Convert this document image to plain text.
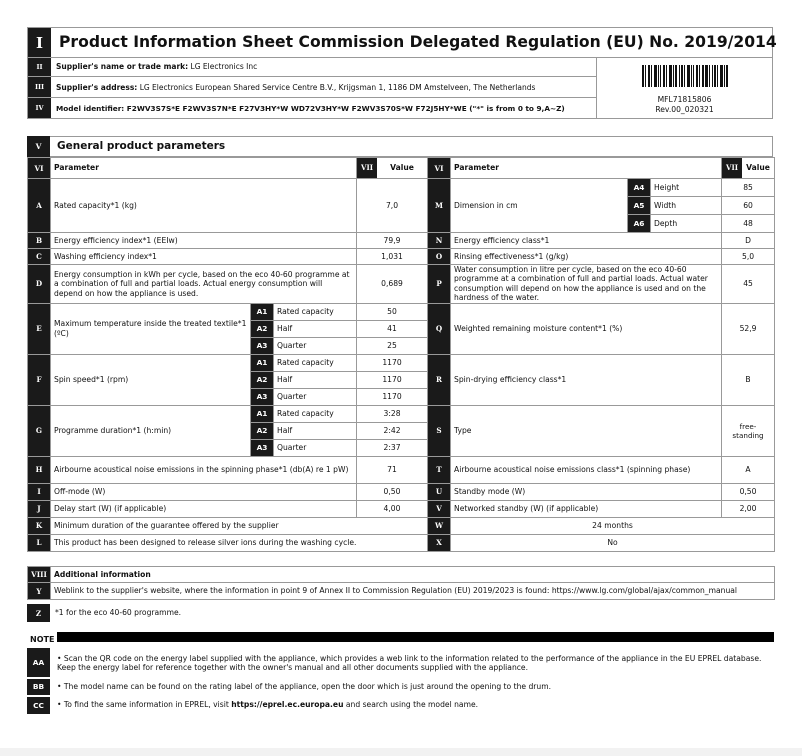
I	Product Information Sheet Commission Delegated Regulation (EU) No. 2019/2014
II	Supplier's name or trade mark: LG Electronics Inc
III	Supplier's address: LG Electronics European Shared Service Centre B.V., Krijgsman 1, 1186 DM Amstelveen, The Netherlands
IV	Model identifier: F2WV3S7S*E F2WV3S7N*E F27V3HY*W WD72V3HY*W F2WV3S70S*W F72J5HY*WE ("*" is from 0 to 9,A~Z)
MFL71815806
Rev.00_020321
V	General product parameters
VI	Parameter			VII Value	VI	Parameter			VII Value

A	Rated capacity*1 (kg)			7,0	M	Dimension in cm	A4	Height	85
							A5	Width	60
							A6	Depth	48
B	Energy efficiency index*1 (EEIw)			79,9	N	Energy efficiency class*1			D
C	Washing efficiency index*1			1,031	O	Rinsing effectiveness*1 (g/kg)			5,0
D	Energy consumption in kWh per cycle, based on the eco 40-60 programme at a combination of full and partial loads. Actual energy consumption will depend on how the appliance is used.			0,689	P	Water consumption in litre per cycle, based on the eco 40-60 programme at a combination of full and partial loads. Actual water consumption will depend on how the appliance is used and on the hardness of the water.			45
E	Maximum temperature inside the treated textile*1 (ºC)	A1	Rated capacity	50	Q	Weighted remaining moisture content*1 (%)			52,9
		A2	Half	41					
		A3	Quarter	25					
F	Spin speed*1 (rpm)	A1	Rated capacity	1170	R	Spin-drying efficiency class*1			B
		A2	Half	1170					
		A3	Quarter	1170					
G	Programme duration*1 (h:min)	A1	Rated capacity	3:28	S	Type			free-standing
		A2	Half	2:42					
		A3	Quarter	2:37					
H	Airbourne acoustical noise emissions in the spinning phase*1 (db(A) re 1 pW)			71	T	Airbourne acoustical noise emissions class*1 (spinning phase)			A
I	Off-mode (W)			0,50	U	Standby mode (W)			0,50
J	Delay start (W) (if applicable)			4,00	V	Networked standby (W) (if applicable)			2,00
K	Minimum duration of the guarantee offered by the supplier				W	24 months			
L	This product has been designed to release silver ions during the washing cycle.				X	No			
VIII	Additional information
Y	Weblink to the supplier's website, where the information in point 9 of Annex II to Commission Regulation (EU) 2019/2023 is found: https://www.lg.com/global/ajax/common_manual
Z	*1 for the eco 40-60 programme.
NOTE
AA	• Scan the QR code on the energy label supplied with the appliance, which provides a web link to the information related to the performance of the appliance in the EU EPREL database. Keep the energy label for reference together with the owner's manual and all other documents supplied with the appliance.
BB	• The model name can be found on the rating label of the appliance, open the door which is just around the opening to the drum.
CC	• To find the same information in EPREL, visit https://eprel.ec.europa.eu and search using the model name.
